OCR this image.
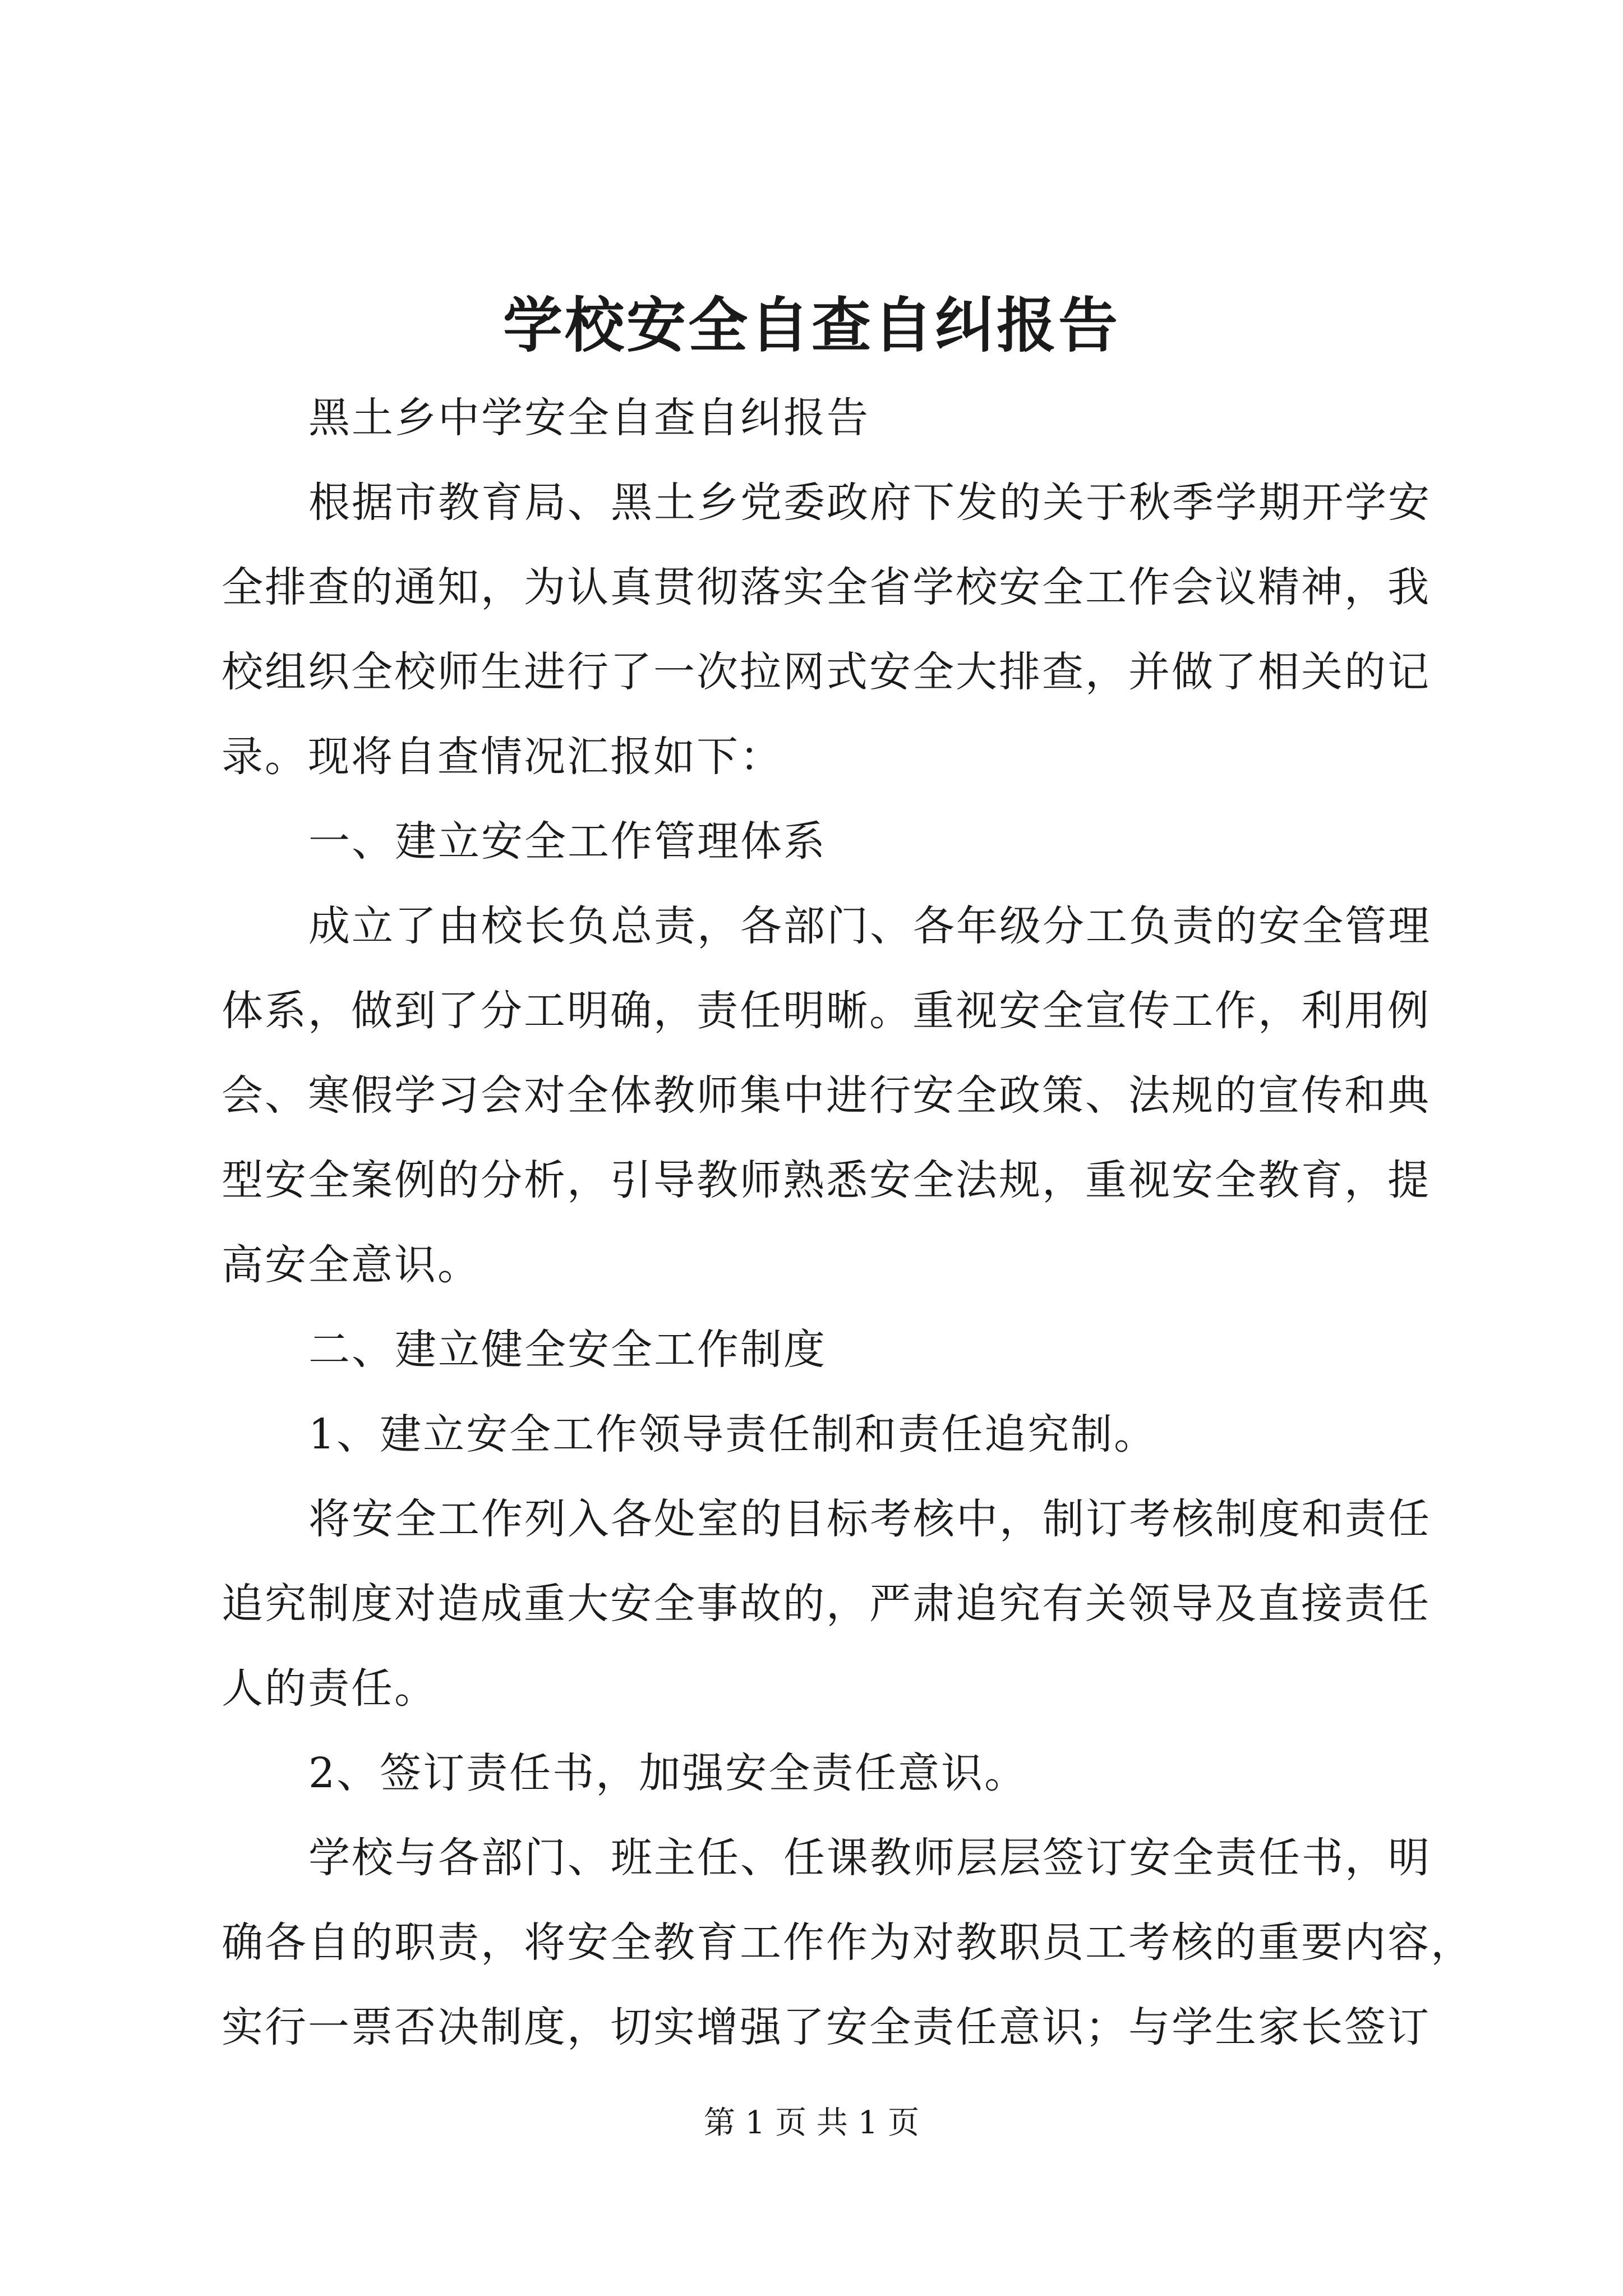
学校安全自查自纠报告
黑土乡中学安全自查自纠报告
根据市教育局、黑土乡党委政府下发的关于秋季学期开学安
全排查的通知，为认真贯彻落实全省学校安全工作会议精神，我
校组织全校师生进行了一次拉网式安全大排查，并做了相关的记
录。现将自查情况汇报如下：
一、建立安全工作管理体系
成立了由校长负总责，各部门、各年级分工负责的安全管理
体系，做到了分工明确，责任明晰。重视安全宣传工作，利用例
会、寒假学习会对全体教师集中进行安全政策、法规的宣传和典
型安全案例的分析，引导教师熟悉安全法规，重视安全教育，提
高安全意识。
二、建立健全安全工作制度
1、建立安全工作领导责任制和责任追究制。
将安全工作列入各处室的目标考核中，制订考核制度和责任
追究制度对造成重大安全事故的，严肃追究有关领导及直接责任
人的责任。
2、签订责任书，加强安全责任意识。
学校与各部门、班主任、任课教师层层签订安全责任书，明
确各自的职责，将安全教育工作作为对教职员工考核的重要内容，
实行一票否决制度，切实增强了安全责任意识；与学生家长签订
第 1 页 共 1 页
